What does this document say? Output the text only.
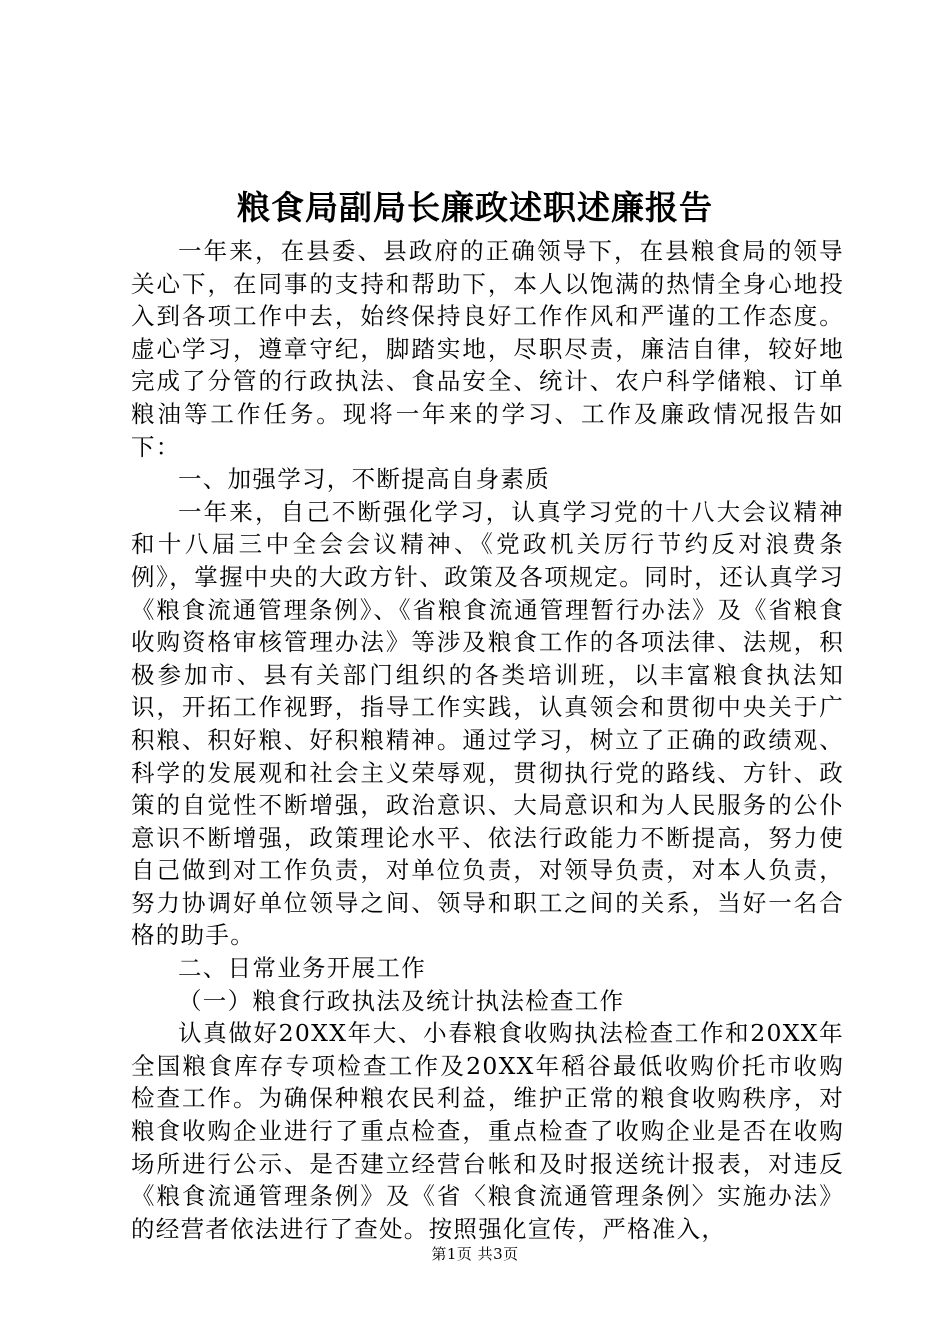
粮食局副局长廉政述职述廉报告

一年来，在县委、县政府的正确领导下，在县粮食局的领导关心下，在同事的支持和帮助下，本人以饱满的热情全身心地投入到各项工作中去，始终保持良好工作作风和严谨的工作态度。虚心学习，遵章守纪，脚踏实地，尽职尽责，廉洁自律，较好地完成了分管的行政执法、食品安全、统计、农户科学储粮、订单粮油等工作任务。现将一年来的学习、工作及廉政情况报告如下：

一、加强学习，不断提高自身素质

一年来，自己不断强化学习，认真学习党的十八大会议精神和十八届三中全会会议精神、《党政机关厉行节约反对浪费条例》，掌握中央的大政方针、政策及各项规定。同时，还认真学习《粮食流通管理条例》、《省粮食流通管理暂行办法》及《省粮食收购资格审核管理办法》等涉及粮食工作的各项法律、法规，积极参加市、县有关部门组织的各类培训班，以丰富粮食执法知识，开拓工作视野，指导工作实践，认真领会和贯彻中央关于广积粮、积好粮、好积粮精神。通过学习，树立了正确的政绩观、科学的发展观和社会主义荣辱观，贯彻执行党的路线、方针、政策的自觉性不断增强，政治意识、大局意识和为人民服务的公仆意识不断增强，政策理论水平、依法行政能力不断提高，努力使自己做到对工作负责，对单位负责，对领导负责，对本人负责，努力协调好单位领导之间、领导和职工之间的关系，当好一名合格的助手。

二、日常业务开展工作

（一）粮食行政执法及统计执法检查工作

认真做好20XX年大、小春粮食收购执法检查工作和20XX年全国粮食库存专项检查工作及20XX年稻谷最低收购价托市收购检查工作。为确保种粮农民利益，维护正常的粮食收购秩序，对粮食收购企业进行了重点检查，重点检查了收购企业是否在收购场所进行公示、是否建立经营台帐和及时报送统计报表，对违反《粮食流通管理条例》及《省〈粮食流通管理条例〉实施办法》的经营者依法进行了查处。按照强化宣传，严格准入，

第1页 共3页
